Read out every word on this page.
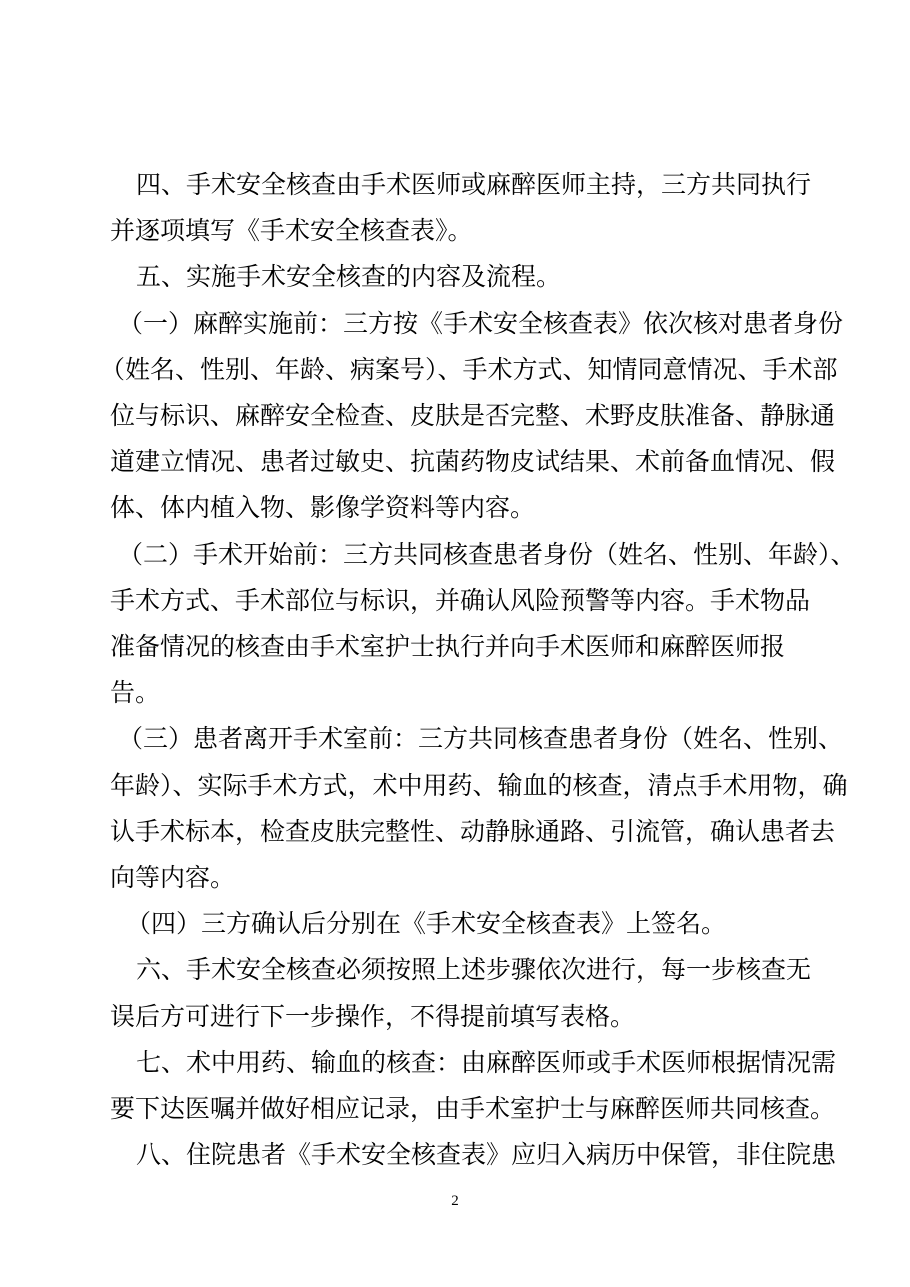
四、手术安全核查由手术医师或麻醉医师主持，三方共同执行

并逐项填写《手术安全核查表》。

五、实施手术安全核查的内容及流程。

（一）麻醉实施前：三方按《手术安全核查表》依次核对患者身份

（姓名、性别、年龄、病案号）、手术方式、知情同意情况、手术部

位与标识、麻醉安全检查、皮肤是否完整、术野皮肤准备、静脉通

道建立情况、患者过敏史、抗菌药物皮试结果、术前备血情况、假

体、体内植入物、影像学资料等内容。

（二）手术开始前：三方共同核查患者身份（姓名、性别、年龄）、

手术方式、手术部位与标识，并确认风险预警等内容。手术物品

准备情况的核查由手术室护士执行并向手术医师和麻醉医师报

告。

（三）患者离开手术室前：三方共同核查患者身份（姓名、性别、

年龄）、实际手术方式，术中用药、输血的核查，清点手术用物，确

认手术标本，检查皮肤完整性、动静脉通路、引流管，确认患者去

向等内容。

（四）三方确认后分别在《手术安全核查表》上签名。

六、手术安全核查必须按照上述步骤依次进行，每一步核查无

误后方可进行下一步操作，不得提前填写表格。

七、术中用药、输血的核查：由麻醉医师或手术医师根据情况需

要下达医嘱并做好相应记录，由手术室护士与麻醉医师共同核查。

八、住院患者《手术安全核查表》应归入病历中保管，非住院患

2
